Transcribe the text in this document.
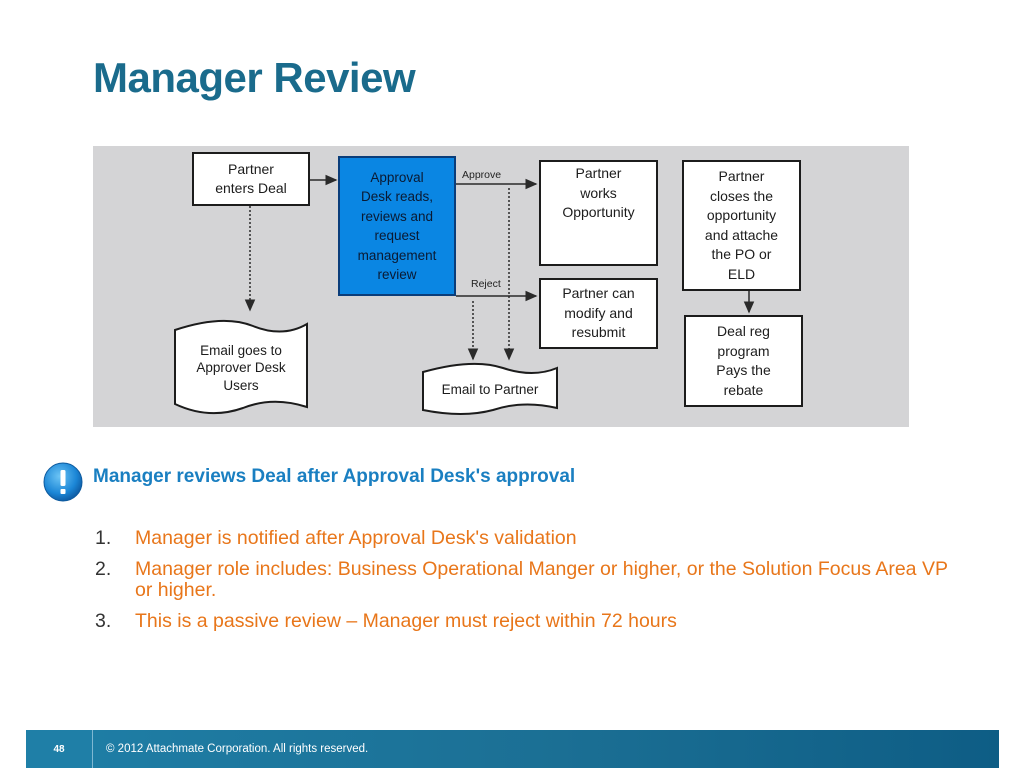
Manager Review
Partner
enters Deal
Approval
Desk reads,
reviews and
request
management
review
Partner
works
Opportunity
Partner
closes the
opportunity
and attache
the PO or
ELD
Partner can
modify and
resubmit	Deal reg
program
Pays the
rebate
Email goes to
Approver Desk
Users	Email to Partner
Approve
Reject
Manager reviews Deal after Approval Desk's approval
1. Manager is notified after Approval Desk's validation
2. Manager role includes: Business Operational Manger or higher, or the Solution Focus Area VP or higher.
3. This is a passive review – Manager must reject within 72 hours
48	© 2012 Attachmate Corporation. All rights reserved.
